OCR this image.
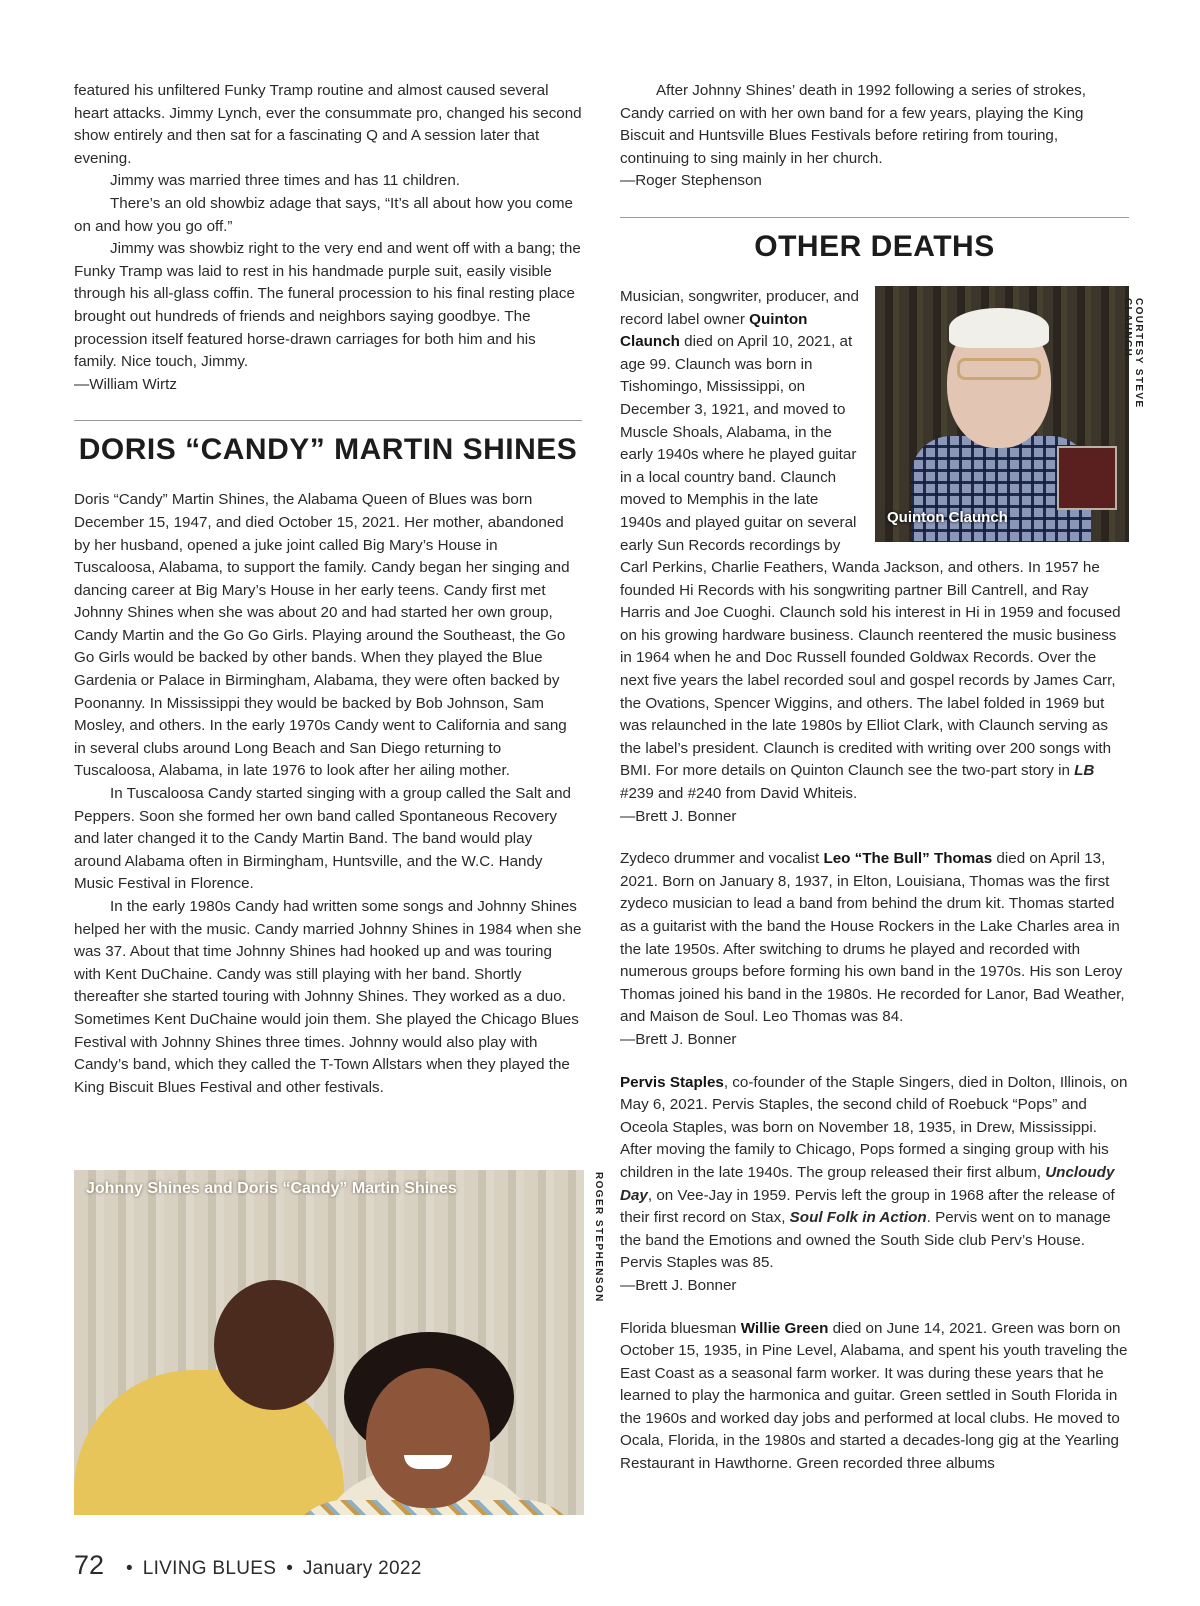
featured his unfiltered Funky Tramp routine and almost caused several heart attacks. Jimmy Lynch, ever the consummate pro, changed his second show entirely and then sat for a fascinating Q and A session later that evening.

Jimmy was married three times and has 11 children.

There’s an old showbiz adage that says, “It’s all about how you come on and how you go off.”

Jimmy was showbiz right to the very end and went off with a bang; the Funky Tramp was laid to rest in his handmade purple suit, easily visible through his all-glass coffin. The funeral procession to his final resting place brought out hundreds of friends and neighbors saying goodbye. The procession itself featured horse-drawn carriages for both him and his family. Nice touch, Jimmy.

—William Wirtz

DORIS “CANDY” MARTIN SHINES

Doris “Candy” Martin Shines, the Alabama Queen of Blues was born December 15, 1947, and died October 15, 2021. Her mother, abandoned by her husband, opened a juke joint called Big Mary’s House in Tuscaloosa, Alabama, to support the family. Candy began her singing and dancing career at Big Mary’s House in her early teens. Candy first met Johnny Shines when she was about 20 and had started her own group, Candy Martin and the Go Go Girls. Playing around the Southeast, the Go Go Girls would be backed by other bands. When they played the Blue Gardenia or Palace in Birmingham, Alabama, they were often backed by Poonanny. In Mississippi they would be backed by Bob Johnson, Sam Mosley, and others. In the early 1970s Candy went to California and sang in several clubs around Long Beach and San Diego returning to Tuscaloosa, Alabama, in late 1976 to look after her ailing mother.

In Tuscaloosa Candy started singing with a group called the Salt and Peppers. Soon she formed her own band called Spontaneous Recovery and later changed it to the Candy Martin Band. The band would play around Alabama often in Birmingham, Huntsville, and the W.C. Handy Music Festival in Florence.

In the early 1980s Candy had written some songs and Johnny Shines helped her with the music. Candy married Johnny Shines in 1984 when she was 37. About that time Johnny Shines had hooked up and was touring with Kent DuChaine. Candy was still playing with her band. Shortly thereafter she started touring with Johnny Shines. They worked as a duo. Sometimes Kent DuChaine would join them. She played the Chicago Blues Festival with Johnny Shines three times. Johnny would also play with Candy’s band, which they called the T-Town Allstars when they played the King Biscuit Blues Festival and other festivals.

Johnny Shines and Doris “Candy” Martin Shines	ROGER STEPHENSON

After Johnny Shines’ death in 1992 following a series of strokes, Candy carried on with her own band for a few years, playing the King Biscuit and Huntsville Blues Festivals before retiring from touring, continuing to sing mainly in her church.

—Roger Stephenson

OTHER DEATHS
Quinton Claunch

Musician, songwriter, producer, and record label owner Quinton Claunch died on April 10, 2021, at age 99. Claunch was born in Tishomingo, Mississippi, on December 3, 1921, and moved to Muscle Shoals, Alabama, in the early 1940s where he played guitar in a local country band. Claunch moved to Memphis in the late 1940s and played guitar on several early Sun Records recordings by Carl Perkins, Charlie Feathers, Wanda Jackson, and others. In 1957 he founded Hi Records with his songwriting partner Bill Cantrell, and Ray Harris and Joe Cuoghi. Claunch sold his interest in Hi in 1959 and focused on his growing hardware business. Claunch reentered the music business in 1964 when he and Doc Russell founded Goldwax Records. Over the next five years the label recorded soul and gospel records by James Carr, the Ovations, Spencer Wiggins, and others. The label folded in 1969 but was relaunched in the late 1980s by Elliot Clark, with Claunch serving as the label’s president. Claunch is credited with writing over 200 songs with BMI. For more details on Quinton Claunch see the two-part story in LB #239 and #240 from David Whiteis.

—Brett J. Bonner

Zydeco drummer and vocalist Leo “The Bull” Thomas died on April 13, 2021. Born on January 8, 1937, in Elton, Louisiana, Thomas was the first zydeco musician to lead a band from behind the drum kit. Thomas started as a guitarist with the band the House Rockers in the Lake Charles area in the late 1950s. After switching to drums he played and recorded with numerous groups before forming his own band in the 1970s. His son Leroy Thomas joined his band in the 1980s. He recorded for Lanor, Bad Weather, and Maison de Soul. Leo Thomas was 84.

—Brett J. Bonner

Pervis Staples, co-founder of the Staple Singers, died in Dolton, Illinois, on May 6, 2021. Pervis Staples, the second child of Roebuck “Pops” and Oceola Staples, was born on November 18, 1935, in Drew, Mississippi. After moving the family to Chicago, Pops formed a singing group with his children in the late 1940s. The group released their first album, Uncloudy Day, on Vee-Jay in 1959. Pervis left the group in 1968 after the release of their first record on Stax, Soul Folk in Action. Pervis went on to manage the band the Emotions and owned the South Side club Perv’s House. Pervis Staples was 85.

—Brett J. Bonner

Florida bluesman Willie Green died on June 14, 2021. Green was born on October 15, 1935, in Pine Level, Alabama, and spent his youth traveling the East Coast as a seasonal farm worker. It was during these years that he learned to play the harmonica and guitar. Green settled in South Florida in the 1960s and worked day jobs and performed at local clubs. He moved to Ocala, Florida, in the 1980s and started a decades-long gig at the Yearling Restaurant in Hawthorne. Green recorded three albums

COURTESY STEVE CLAUNCH
72 • LIVING BLUES • January 2022
